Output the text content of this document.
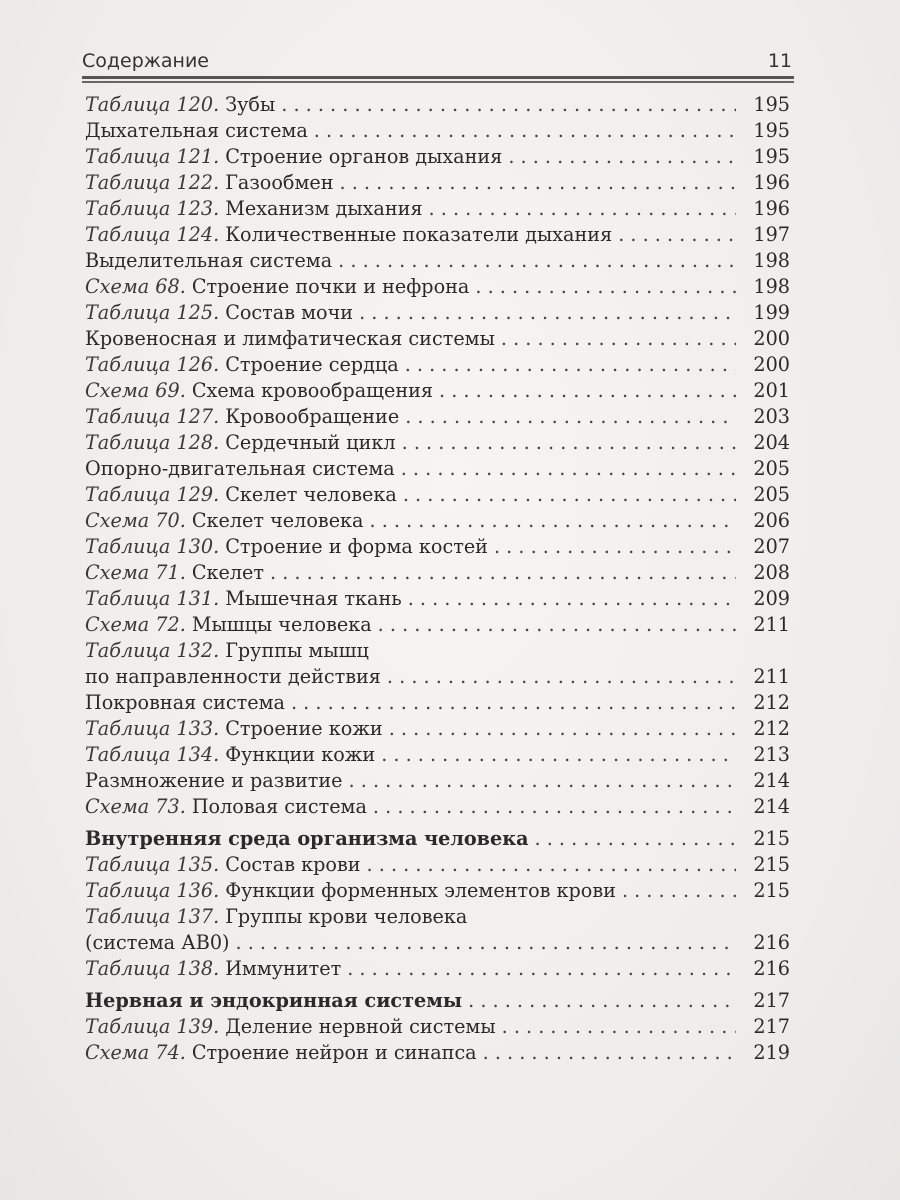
Содержание	11
Таблица 120. Зубы . . .	195
Дыхательная система . . .	195
Таблица 121. Строение органов дыхания . . .	195
Таблица 122. Газообмен . . .	196
Таблица 123. Механизм дыхания . . .	196
Таблица 124. Количественные показатели дыхания . . .	197
Выделительная система . . .	198
Схема 68. Строение почки и нефрона . . .	198
Таблица 125. Состав мочи . . .	199
Кровеносная и лимфатическая системы . . .	200
Таблица 126. Строение сердца . . .	200
Схема 69. Схема кровообращения . . .	201
Таблица 127. Кровообращение . . .	203
Таблица 128. Сердечный цикл . . .	204
Опорно-двигательная система . . .	205
Таблица 129. Скелет человека . . .	205
Схема 70. Скелет человека . . .	206
Таблица 130. Строение и форма костей . . .	207
Схема 71. Скелет . . .	208
Таблица 131. Мышечная ткань . . .	209
Схема 72. Мышцы человека . . .	211
Таблица 132. Группы мышц
по направленности действия . . .	211
Покровная система . . .	212
Таблица 133. Строение кожи . . .	212
Таблица 134. Функции кожи . . .	213
Размножение и развитие . . .	214
Схема 73. Половая система . . .	214
Внутренняя среда организма человека . . .	215
Таблица 135. Состав крови . . .	215
Таблица 136. Функции форменных элементов крови . . .	215
Таблица 137. Группы крови человека
(система АВ0) . . .	216
Таблица 138. Иммунитет . . .	216
Нервная и эндокринная системы . . .	217
Таблица 139. Деление нервной системы . . .	217
Схема 74. Строение нейрон и синапса . . .	219
